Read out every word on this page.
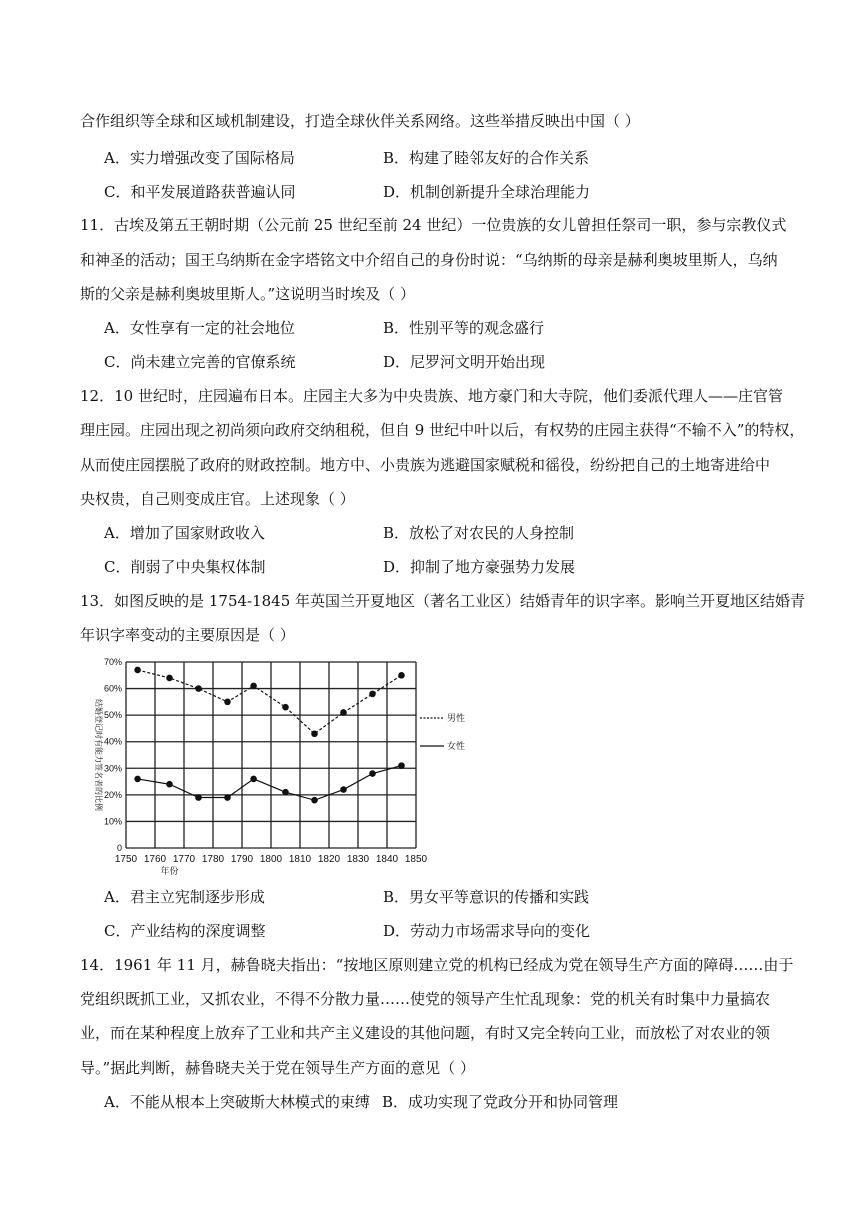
合作组织等全球和区域机制建设，打造全球伙伴关系网络。这些举措反映出中国（ ）
A．实力增强改变了国际格局	B．构建了睦邻友好的合作关系
C．和平发展道路获普遍认同	D．机制创新提升全球治理能力
11．古埃及第五王朝时期（公元前 25 世纪至前 24 世纪）一位贵族的女儿曾担任祭司一职，参与宗教仪式
和神圣的活动；国王乌纳斯在金字塔铭文中介绍自己的身份时说：“乌纳斯的母亲是赫利奥坡里斯人，乌纳
斯的父亲是赫利奥坡里斯人。”这说明当时埃及（ ）
A．女性享有一定的社会地位	B．性别平等的观念盛行
C．尚未建立完善的官僚系统	D．尼罗河文明开始出现
12．10 世纪时，庄园遍布日本。庄园主大多为中央贵族、地方豪门和大寺院，他们委派代理人——庄官管
理庄园。庄园出现之初尚须向政府交纳租税，但自 9 世纪中叶以后，有权势的庄园主获得“不输不入”的特权，
从而使庄园摆脱了政府的财政控制。地方中、小贵族为逃避国家赋税和徭役，纷纷把自己的土地寄进给中
央权贵，自己则变成庄官。上述现象（ ）
A．增加了国家财政收入	B．放松了对农民的人身控制
C．削弱了中央集权体制	D．抑制了地方豪强势力发展
13．如图反映的是 1754-1845 年英国兰开夏地区（著名工业区）结婚青年的识字率。影响兰开夏地区结婚青
年识字率变动的主要原因是（ ）
1750 1760 1770 1780 1790 1800 1810 1820 1830 1840 1850
0
10%
20%
30%
40%
50%
60%
70%
年份
结婚登记时有能力签名者的比例	男性
女性
A．君主立宪制逐步形成	B．男女平等意识的传播和实践
C．产业结构的深度调整	D．劳动力市场需求导向的变化
14．1961 年 11 月，赫鲁晓夫指出：“按地区原则建立党的机构已经成为党在领导生产方面的障碍……由于
党组织既抓工业，又抓农业，不得不分散力量……使党的领导产生忙乱现象：党的机关有时集中力量搞农
业，而在某种程度上放弃了工业和共产主义建设的其他问题，有时又完全转向工业，而放松了对农业的领
导。”据此判断，赫鲁晓夫关于党在领导生产方面的意见（ ）
A．不能从根本上突破斯大林模式的束缚 B．成功实现了党政分开和协同管理
